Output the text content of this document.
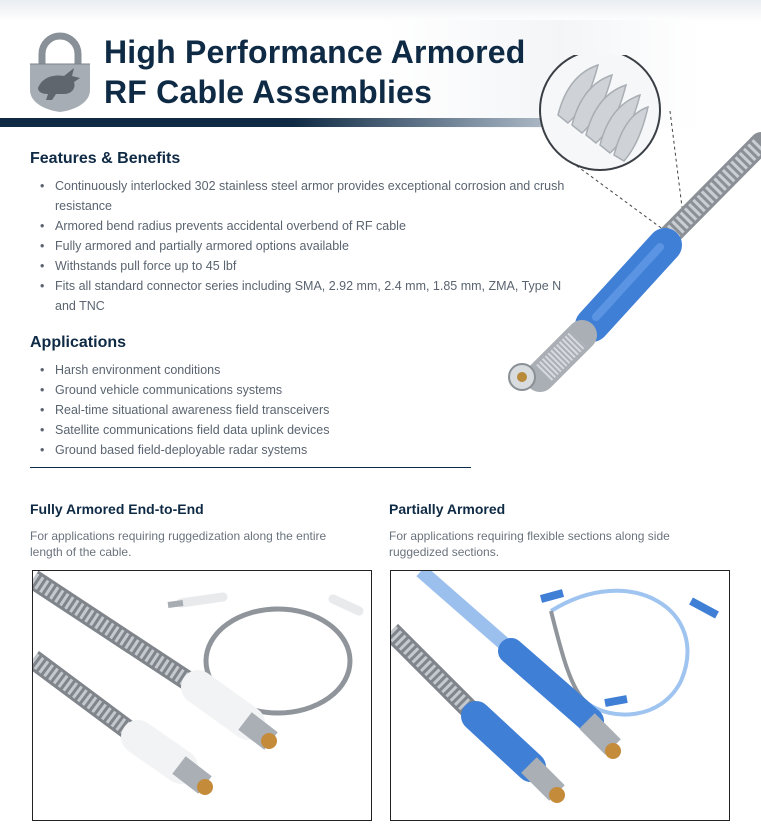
High Performance Armored
RF Cable Assemblies
Features & Benefits
• Continuously interlocked 302 stainless steel armor provides exceptional corrosion and crush resistance
• Armored bend radius prevents accidental overbend of RF cable
• Fully armored and partially armored options available
• Withstands pull force up to 45 lbf
• Fits all standard connector series including SMA, 2.92 mm, 2.4 mm, 1.85 mm, ZMA, Type N and TNC
Applications
• Harsh environment conditions
• Ground vehicle communications systems
• Real-time situational awareness field transceivers
• Satellite communications field data uplink devices
• Ground based field-deployable radar systems
Fully Armored End-to-End

For applications requiring ruggedization along the entire length of the cable.

Partially Armored

For applications requiring flexible sections along side ruggedized sections.
